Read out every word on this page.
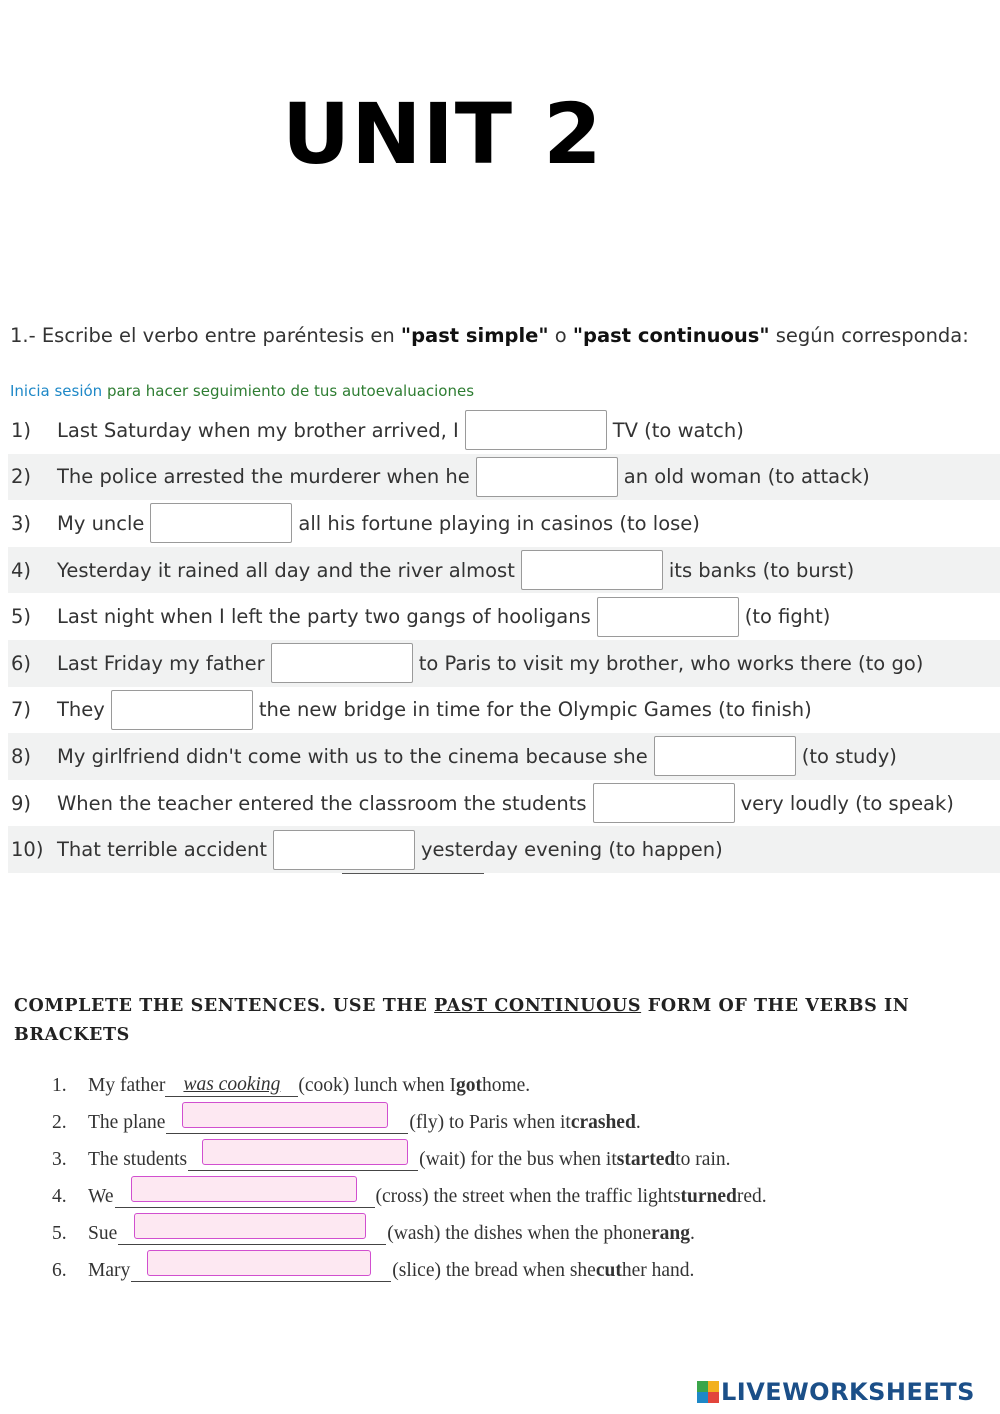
UNIT 2
1.- Escribe el verbo entre paréntesis en "past simple" o "past continuous" según corresponda:
Inicia sesión para hacer seguimiento de tus autoevaluaciones
1)	Last Saturday when my brother arrived, I	TV (to watch)
2)	The police arrested the murderer when he	an old woman (to attack)
3)	My uncle	all his fortune playing in casinos (to lose)
4)	Yesterday it rained all day and the river almost	its banks (to burst)
5)	Last night when I left the party two gangs of hooligans	(to fight)
6)	Last Friday my father	to Paris to visit my brother, who works there (to go)
7)	They	the new bridge in time for the Olympic Games (to finish)
8)	My girlfriend didn't come with us to the cinema because she	(to study)
9)	When the teacher entered the classroom the students	very loudly (to speak)
10) That terrible accident	yesterday evening (to happen)
COMPLETE THE SENTENCES. USE THE PAST CONTINUOUS FORM OF THE VERBS IN BRACKETS
1.	My father was cooking (cook) lunch when I got home.
2.	The plane	(fly) to Paris when it crashed .
3.	The students	(wait) for the bus when it started to rain.
4.	We	(cross) the street when the traffic lights turned red.
5.	Sue	(wash) the dishes when the phone rang .
6.	Mary	(slice) the bread when she cut her hand.
LIVEWORKSHEETS
